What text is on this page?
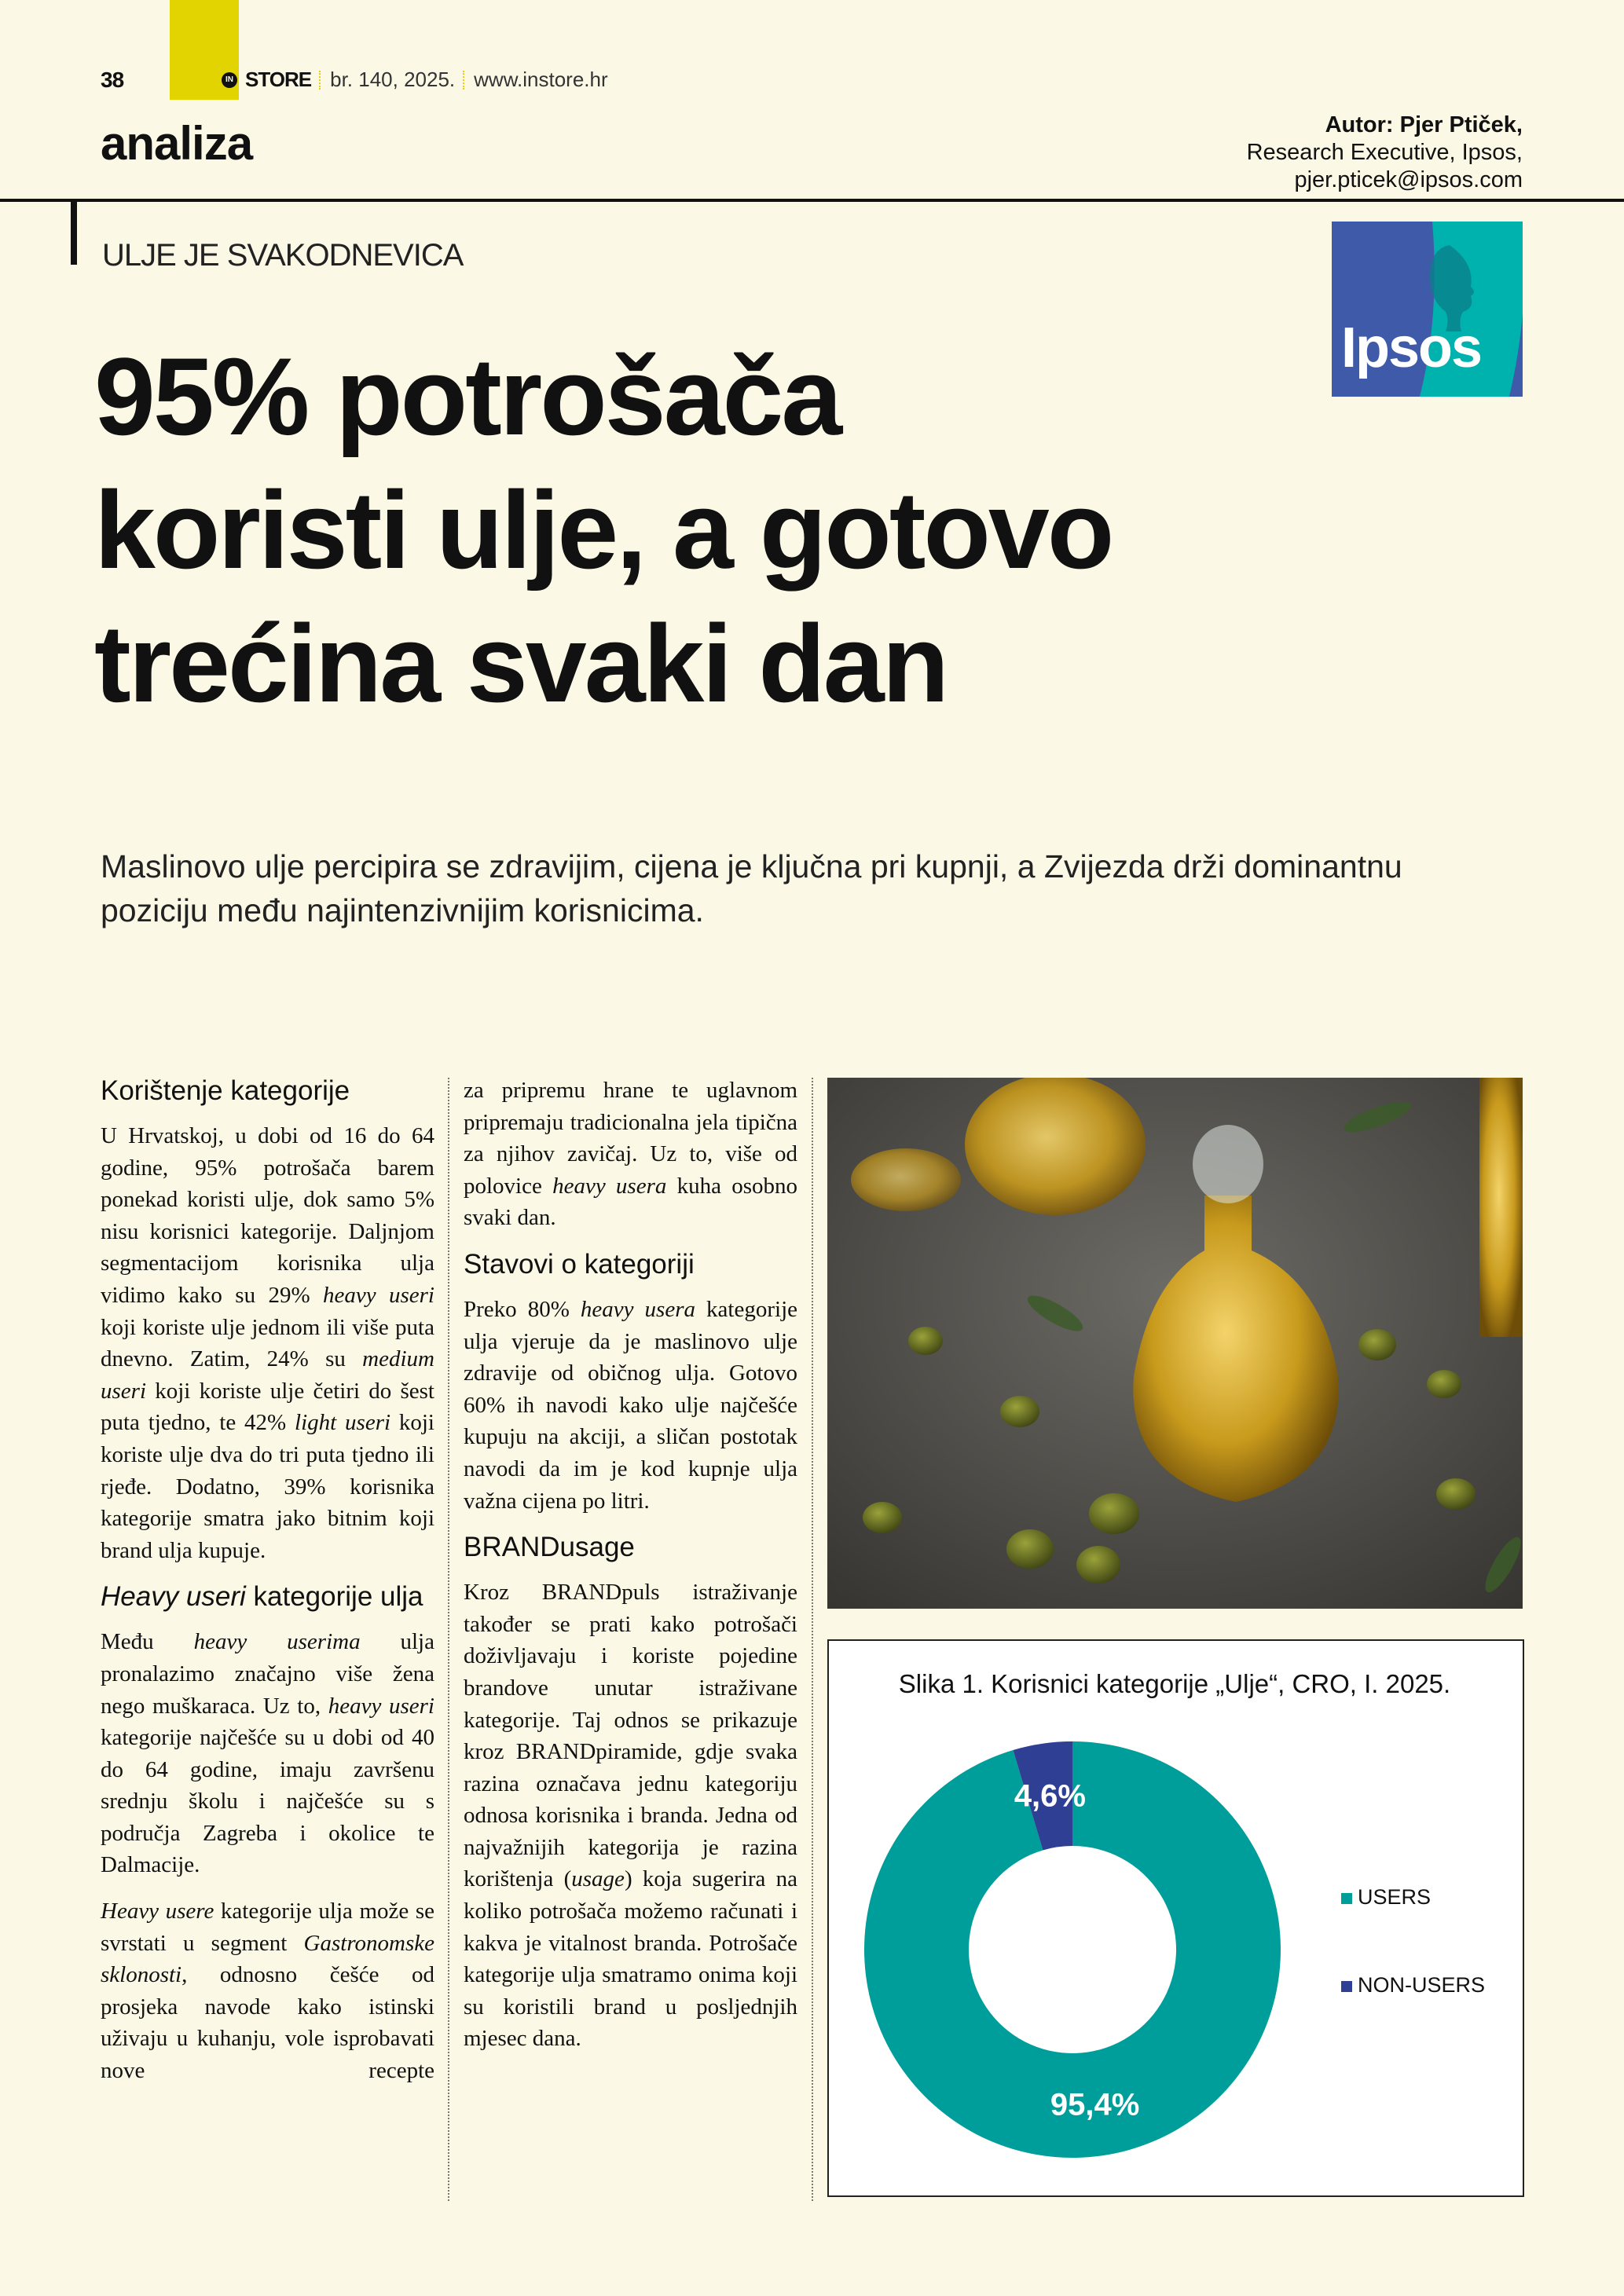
38	IN STORE br. 140, 2025. www.instore.hr
analiza	Autor: Pjer Ptiček,
Research Executive, Ipsos,
pjer.pticek@ipsos.com
ULJE JE SVAKODNEVICA
Ipsos
95% potrošača
koristi ulje, a gotovo
trećina svaki dan
Maslinovo ulje percipira se zdravijim, cijena je ključna pri kupnji, a Zvijezda drži dominantnu poziciju među najintenzivnijim korisnicima.
Korištenje kategorije

U Hrvatskoj, u dobi od 16 do 64 godine, 95% potrošača barem ponekad koristi ulje, dok samo 5% nisu korisnici kategorije. Daljnjom segmentacijom korisnika ulja vidimo kako su 29% heavy useri koji koriste ulje jednom ili više puta dnevno. Zatim, 24% su medium useri koji koriste ulje četiri do šest puta tjedno, te 42% light useri koji koriste ulje dva do tri puta tjedno ili rjeđe. Dodatno, 39% korisnika kategorije smatra jako bitnim koji brand ulja kupuje.

Heavy useri kategorije ulja

Među heavy userima ulja pronalazimo značajno više žena nego muškaraca. Uz to, heavy useri kategorije najčešće su u dobi od 40 do 64 godine, imaju završenu srednju školu i najčešće su s područja Zagreba i okolice te Dalmacije.

Heavy usere kategorije ulja može se svrstati u segment Gastronomske sklonosti, odnosno češće od prosjeka navode kako istinski uživaju u kuhanju, vole isprobavati nove recepte

za pripremu hrane te uglavnom pripremaju tradicionalna jela tipična za njihov zavičaj. Uz to, više od polovice heavy usera kuha osobno svaki dan.

Stavovi o kategoriji

Preko 80% heavy usera kategorije ulja vjeruje da je maslinovo ulje zdravije od običnog ulja. Gotovo 60% ih navodi kako ulje najčešće kupuju na akciji, a sličan postotak navodi da im je kod kupnje ulja važna cijena po litri.

BRANDusage

Kroz BRANDpuls istraživanje također se prati kako potrošači doživljavaju i koriste pojedine brandove unutar istraživane kategorije. Taj odnos se prikazuje kroz BRANDpiramide, gdje svaka razina označava jednu kategoriju odnosa korisnika i branda. Jedna od najvažnijih kategorija je razina korištenja (usage) koja sugerira na koliko potrošača možemo računati i kakva je vitalnost branda. Potrošače kategorije ulja smatramo onima koji su koristili brand u posljednjih mjesec dana.

Slika 1. Korisnici kategorije „Ulje“, CRO, I. 2025.
95,4%
4,6%
USERS
NON-USERS
